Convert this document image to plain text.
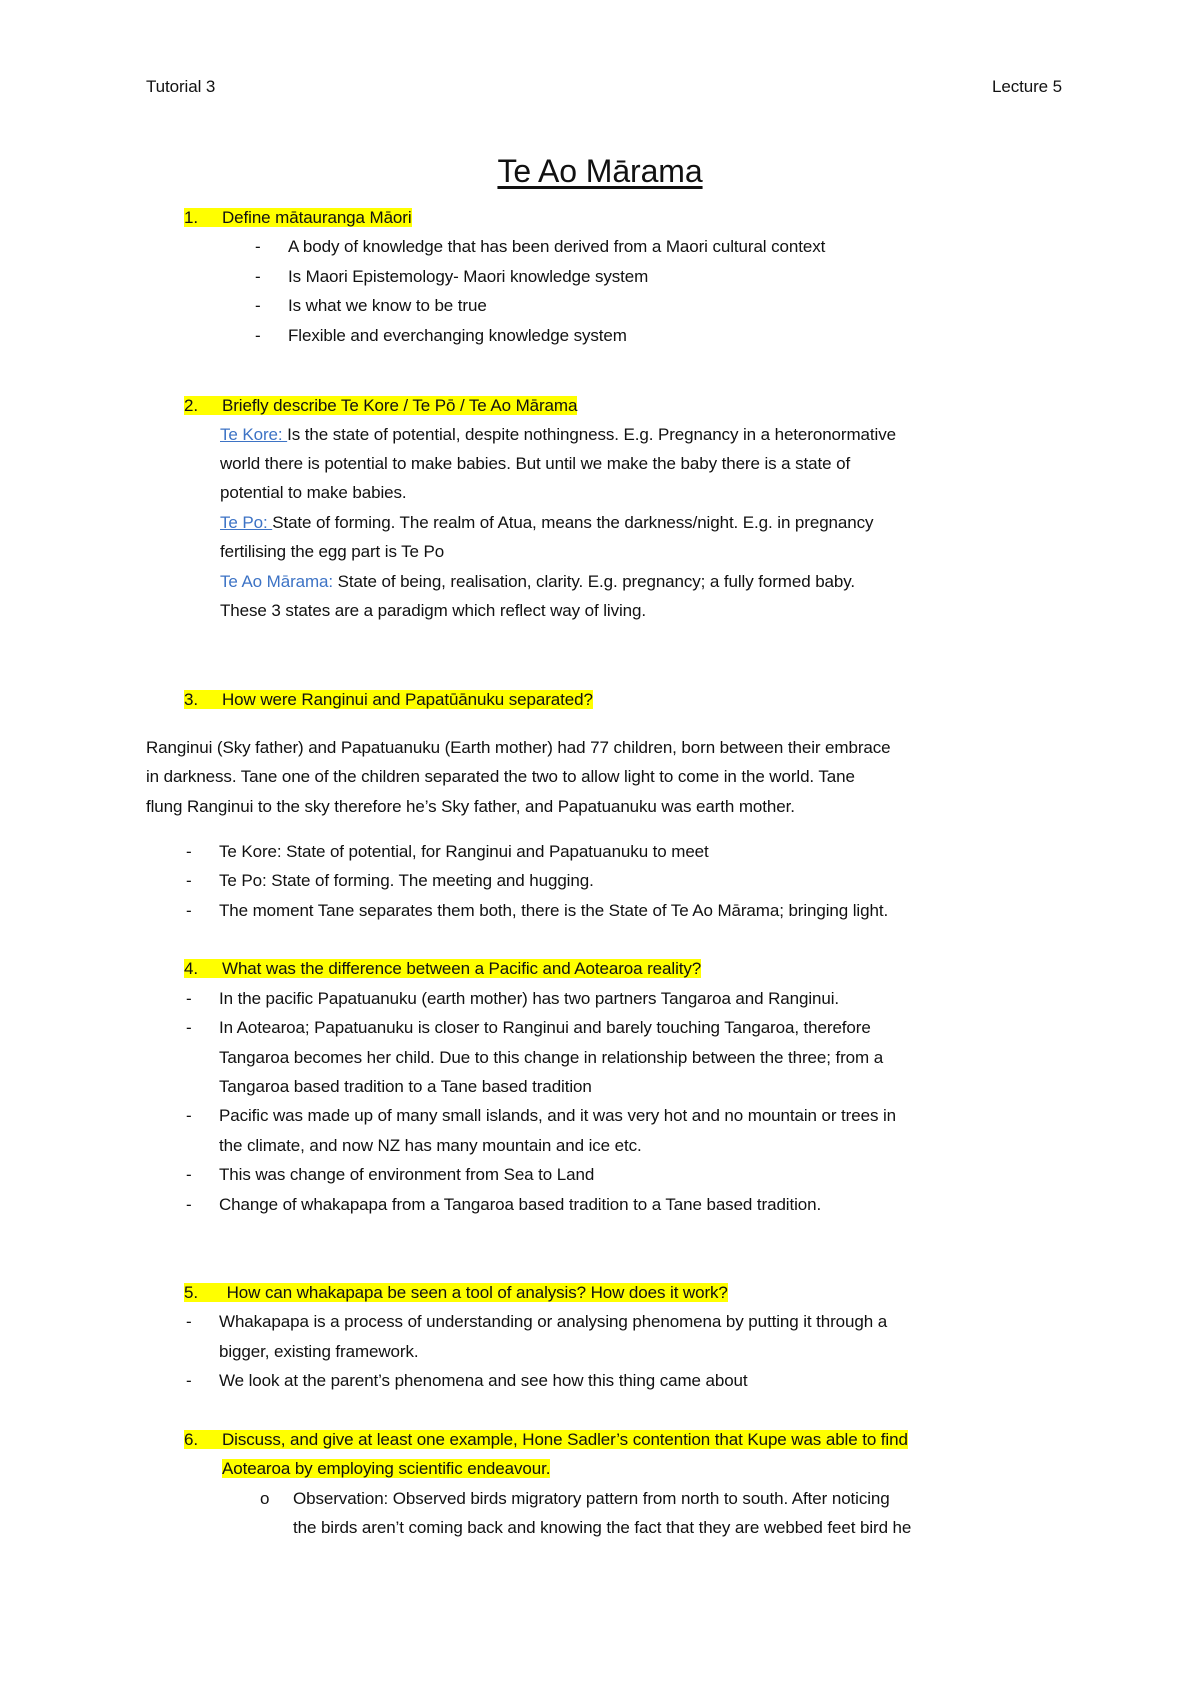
Tutorial 3	Lecture 5
Te Ao Mārama
1. Define mātauranga Māori
- A body of knowledge that has been derived from a Maori cultural context
- Is Maori Epistemology- Maori knowledge system
- Is what we know to be true
- Flexible and everchanging knowledge system
2. Briefly describe Te Kore / Te Pō / Te Ao Mārama
Te Kore: Is the state of potential, despite nothingness. E.g. Pregnancy in a heteronormative
world there is potential to make babies. But until we make the baby there is a state of
potential to make babies.
Te Po: State of forming. The realm of Atua, means the darkness/night. E.g. in pregnancy
fertilising the egg part is Te Po
Te Ao Mārama: State of being, realisation, clarity. E.g. pregnancy; a fully formed baby.
These 3 states are a paradigm which reflect way of living.
3. How were Ranginui and Papatūānuku separated?
Ranginui (Sky father) and Papatuanuku (Earth mother) had 77 children, born between their embrace
in darkness. Tane one of the children separated the two to allow light to come in the world. Tane
flung Ranginui to the sky therefore he’s Sky father, and Papatuanuku was earth mother.
- Te Kore: State of potential, for Ranginui and Papatuanuku to meet
- Te Po: State of forming. The meeting and hugging.
- The moment Tane separates them both, there is the State of Te Ao Mārama; bringing light.
4. What was the difference between a Pacific and Aotearoa reality?
- In the pacific Papatuanuku (earth mother) has two partners Tangaroa and Ranginui.
- In Aotearoa; Papatuanuku is closer to Ranginui and barely touching Tangaroa, therefore
Tangaroa becomes her child. Due to this change in relationship between the three; from a
Tangaroa based tradition to a Tane based tradition
- Pacific was made up of many small islands, and it was very hot and no mountain or trees in
the climate, and now NZ has many mountain and ice etc.
- This was change of environment from Sea to Land
- Change of whakapapa from a Tangaroa based tradition to a Tane based tradition.
5. How can whakapapa be seen a tool of analysis? How does it work?
- Whakapapa is a process of understanding or analysing phenomena by putting it through a
bigger, existing framework.
- We look at the parent’s phenomena and see how this thing came about
6. Discuss, and give at least one example, Hone Sadler’s contention that Kupe was able to find
Aotearoa by employing scientific endeavour.
o Observation: Observed birds migratory pattern from north to south. After noticing
the birds aren’t coming back and knowing the fact that they are webbed feet bird he
